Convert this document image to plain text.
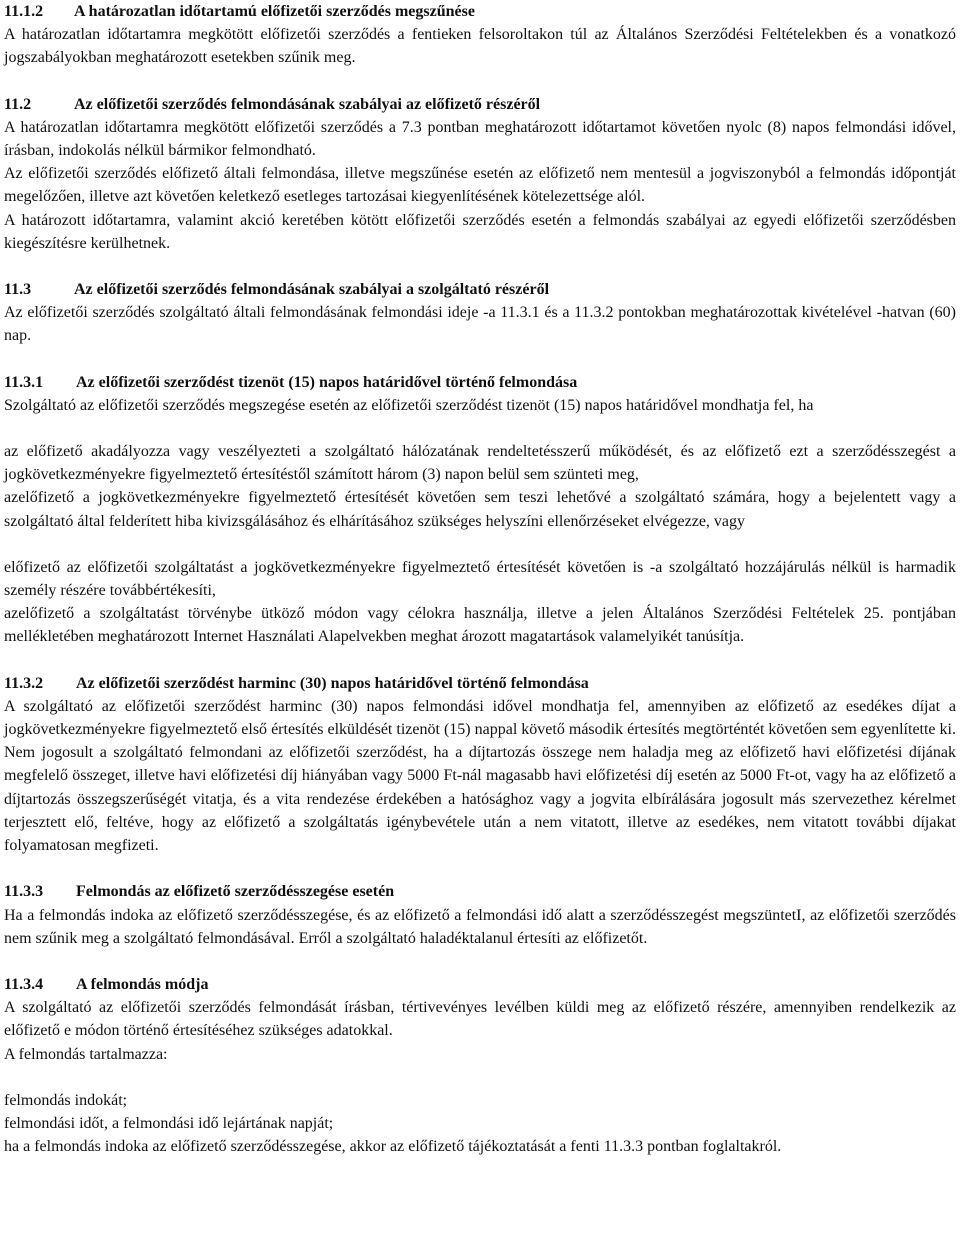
11.1.2	A határozatlan időtartamú előfizetői szerződés megszűnése

A határozatlan időtartamra megkötött előfizetői szerződés a fentieken felsoroltakon túl az Általános Szerződési Feltételekben és a vonatkozó jogszabályokban meghatározott esetekben szűnik meg.

11.2	Az előfizetői szerződés felmondásának szabályai az előfizető részéről

A határozatlan időtartamra megkötött előfizetői szerződés a 7.3 pontban meghatározott időtartamot követően nyolc (8) napos felmondási idővel, írásban, indokolás nélkül bármikor felmondható.

Az előfizetői szerződés előfizető általi felmondása, illetve megszűnése esetén az előfizető nem mentesül a jogviszonyból a felmondás időpontját megelőzően, illetve azt követően keletkező esetleges tartozásai kiegyenlítésének kötelezettsége alól.

A határozott időtartamra, valamint akció keretében kötött előfizetői szerződés esetén a felmondás szabályai az egyedi előfizetői szerződésben kiegészítésre kerülhetnek.

11.3	Az előfizetői szerződés felmondásának szabályai a szolgáltató részéről

Az előfizetői szerződés szolgáltató általi felmondásának felmondási ideje -a 11.3.1 és a 11.3.2 pontokban meghatározottak kivételével -hatvan (60) nap.

11.3.1	Az előfizetői szerződést tizenöt (15) napos határidővel történő felmondása

Szolgáltató az előfizetői szerződés megszegése esetén az előfizetői szerződést tizenöt (15) napos határidővel mondhatja fel, ha

az előfizető akadályozza vagy veszélyezteti a szolgáltató hálózatának rendeltetésszerű működését, és az előfizető ezt a szerződésszegést a jogkövetkezményekre figyelmeztető értesítéstől számított három (3) napon belül sem szünteti meg,

azelőfizető a jogkövetkezményekre figyelmeztető értesítését követően sem teszi lehetővé a szolgáltató számára, hogy a bejelentett vagy a szolgáltató által felderített hiba kivizsgálásához és elhárításához szükséges helyszíni ellenőrzéseket elvégezze, vagy

előfizető az előfizetői szolgáltatást a jogkövetkezményekre figyelmeztető értesítését követően is -a szolgáltató hozzájárulás nélkül is harmadik személy részére továbbértékesíti,

azelőfizető a szolgáltatást törvénybe ütköző módon vagy célokra használja, illetve a jelen Általános Szerződési Feltételek 25. pontjában mellékletében meghatározott Internet Használati Alapelvekben meghat ározott magatartások valamelyikét tanúsítja.

11.3.2	Az előfizetői szerződést harminc (30) napos határidővel történő felmondása

A szolgáltató az előfizetői szerződést harminc (30) napos felmondási idővel mondhatja fel, amennyiben az előfizető az esedékes díjat a jogkövetkezményekre figyelmeztető első értesítés elküldését tizenöt (15) nappal követő második értesítés megtörténtét követően sem egyenlítette ki. Nem jogosult a szolgáltató felmondani az előfizetői szerződést, ha a díjtartozás összege nem haladja meg az előfizető havi előfizetési díjának megfelelő összeget, illetve havi előfizetési díj hiányában vagy 5000 Ft-nál magasabb havi előfizetési díj esetén az 5000 Ft-ot, vagy ha az előfizető a díjtartozás összegszerűségét vitatja, és a vita rendezése érdekében a hatósághoz vagy a jogvita elbírálására jogosult más szervezethez kérelmet terjesztett elő, feltéve, hogy az előfizető a szolgáltatás igénybevétele után a nem vitatott, illetve az esedékes, nem vitatott további díjakat folyamatosan megfizeti.

11.3.3	Felmondás az előfizető szerződésszegése esetén

Ha a felmondás indoka az előfizető szerződésszegése, és az előfizető a felmondási idő alatt a szerződésszegést megszüntetI, az előfizetői szerződés nem szűnik meg a szolgáltató felmondásával. Erről a szolgáltató haladéktalanul értesíti az előfizetőt.

11.3.4	A felmondás módja

A szolgáltató az előfizetői szerződés felmondását írásban, tértivevényes levélben küldi meg az előfizető részére, amennyiben rendelkezik az előfizető e módon történő értesítéséhez szükséges adatokkal.

A felmondás tartalmazza:

felmondás indokát;

felmondási időt, a felmondási idő lejártának napját;

ha a felmondás indoka az előfizető szerződésszegése, akkor az előfizető tájékoztatását a fenti 11.3.3 pontban foglaltakról.
